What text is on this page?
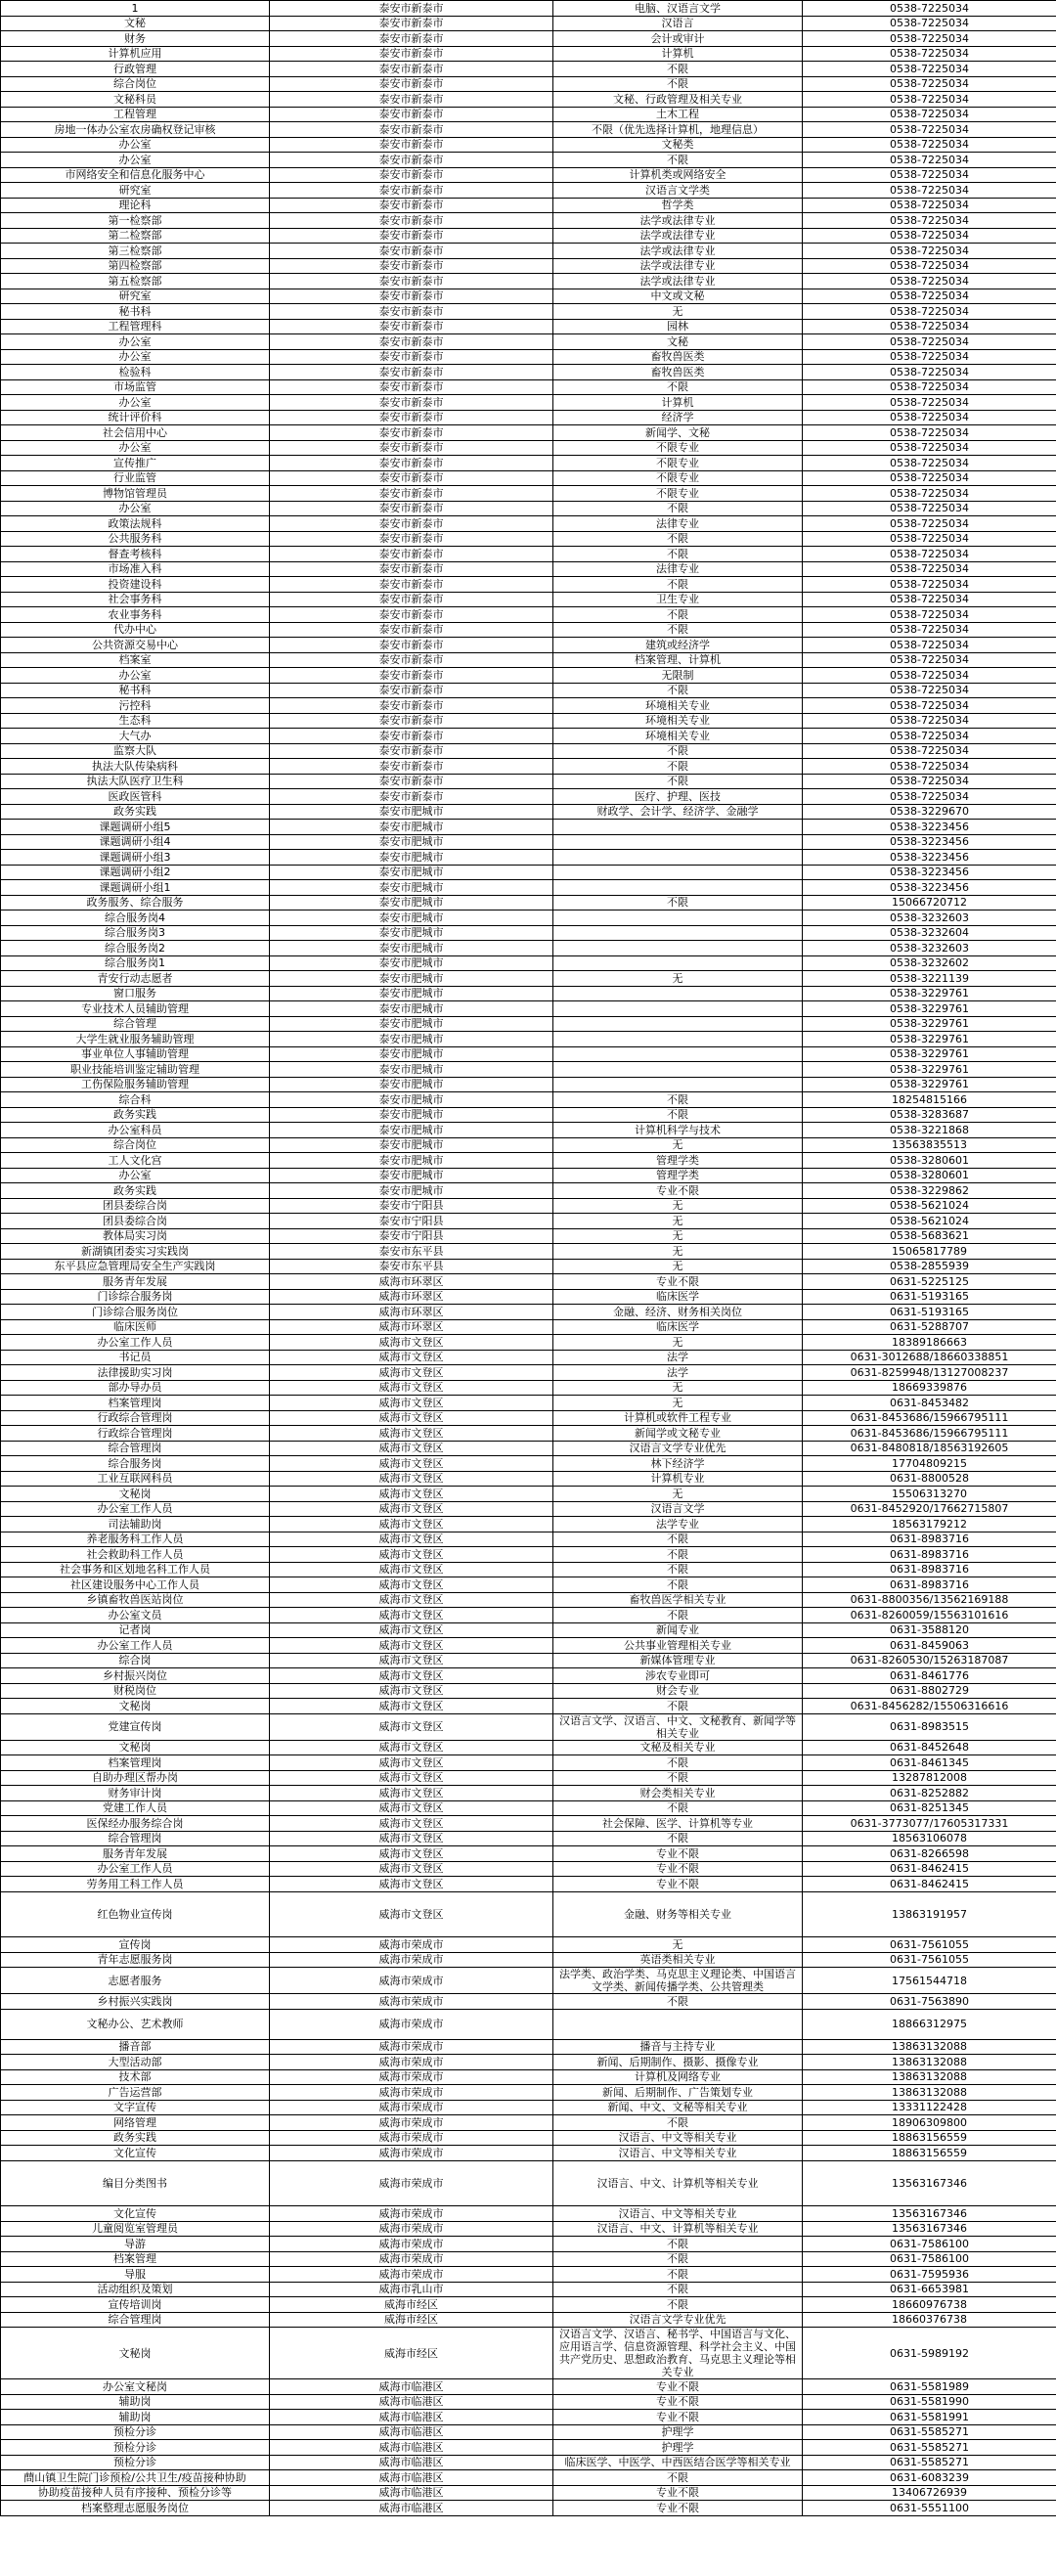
1	泰安市新泰市	电脑、汉语言文学	0538-7225034
文秘	泰安市新泰市	汉语言	0538-7225034
财务	泰安市新泰市	会计或审计	0538-7225034
计算机应用	泰安市新泰市	计算机	0538-7225034
行政管理	泰安市新泰市	不限	0538-7225034
综合岗位	泰安市新泰市	不限	0538-7225034
文秘科员	泰安市新泰市	文秘、行政管理及相关专业	0538-7225034
工程管理	泰安市新泰市	土木工程	0538-7225034
房地一体办公室农房确权登记审核	泰安市新泰市	不限（优先选择计算机，地理信息）	0538-7225034
办公室	泰安市新泰市	文秘类	0538-7225034
办公室	泰安市新泰市	不限	0538-7225034
市网络安全和信息化服务中心	泰安市新泰市	计算机类或网络安全	0538-7225034
研究室	泰安市新泰市	汉语言文学类	0538-7225034
理论科	泰安市新泰市	哲学类	0538-7225034
第一检察部	泰安市新泰市	法学或法律专业	0538-7225034
第二检察部	泰安市新泰市	法学或法律专业	0538-7225034
第三检察部	泰安市新泰市	法学或法律专业	0538-7225034
第四检察部	泰安市新泰市	法学或法律专业	0538-7225034
第五检察部	泰安市新泰市	法学或法律专业	0538-7225034
研究室	泰安市新泰市	中文或文秘	0538-7225034
秘书科	泰安市新泰市	无	0538-7225034
工程管理科	泰安市新泰市	园林	0538-7225034
办公室	泰安市新泰市	文秘	0538-7225034
办公室	泰安市新泰市	畜牧兽医类	0538-7225034
检验科	泰安市新泰市	畜牧兽医类	0538-7225034
市场监管	泰安市新泰市	不限	0538-7225034
办公室	泰安市新泰市	计算机	0538-7225034
统计评价科	泰安市新泰市	经济学	0538-7225034
社会信用中心	泰安市新泰市	新闻学、文秘	0538-7225034
办公室	泰安市新泰市	不限专业	0538-7225034
宣传推广	泰安市新泰市	不限专业	0538-7225034
行业监管	泰安市新泰市	不限专业	0538-7225034
博物馆管理员	泰安市新泰市	不限专业	0538-7225034
办公室	泰安市新泰市	不限	0538-7225034
政策法规科	泰安市新泰市	法律专业	0538-7225034
公共服务科	泰安市新泰市	不限	0538-7225034
督查考核科	泰安市新泰市	不限	0538-7225034
市场准入科	泰安市新泰市	法律专业	0538-7225034
投资建设科	泰安市新泰市	不限	0538-7225034
社会事务科	泰安市新泰市	卫生专业	0538-7225034
农业事务科	泰安市新泰市	不限	0538-7225034
代办中心	泰安市新泰市	不限	0538-7225034
公共资源交易中心	泰安市新泰市	建筑或经济学	0538-7225034
档案室	泰安市新泰市	档案管理、计算机	0538-7225034
办公室	泰安市新泰市	无限制	0538-7225034
秘书科	泰安市新泰市	不限	0538-7225034
污控科	泰安市新泰市	环境相关专业	0538-7225034
生态科	泰安市新泰市	环境相关专业	0538-7225034
大气办	泰安市新泰市	环境相关专业	0538-7225034
监察大队	泰安市新泰市	不限	0538-7225034
执法大队传染病科	泰安市新泰市	不限	0538-7225034
执法大队医疗卫生科	泰安市新泰市	不限	0538-7225034
医政医管科	泰安市新泰市	医疗、护理、医技	0538-7225034
政务实践	泰安市肥城市	财政学、会计学、经济学、金融学	0538-3229670
课题调研小组5	泰安市肥城市		0538-3223456
课题调研小组4	泰安市肥城市		0538-3223456
课题调研小组3	泰安市肥城市		0538-3223456
课题调研小组2	泰安市肥城市		0538-3223456
课题调研小组1	泰安市肥城市		0538-3223456
政务服务、综合服务	泰安市肥城市	不限	15066720712
综合服务岗4	泰安市肥城市		0538-3232603
综合服务岗3	泰安市肥城市		0538-3232604
综合服务岗2	泰安市肥城市		0538-3232603
综合服务岗1	泰安市肥城市		0538-3232602
青安行动志愿者	泰安市肥城市	无	0538-3221139
窗口服务	泰安市肥城市		0538-3229761
专业技术人员辅助管理	泰安市肥城市		0538-3229761
综合管理	泰安市肥城市		0538-3229761
大学生就业服务辅助管理	泰安市肥城市		0538-3229761
事业单位人事辅助管理	泰安市肥城市		0538-3229761
职业技能培训鉴定辅助管理	泰安市肥城市		0538-3229761
工伤保险服务辅助管理	泰安市肥城市		0538-3229761
综合科	泰安市肥城市	不限	18254815166
政务实践	泰安市肥城市	不限	0538-3283687
办公室科员	泰安市肥城市	计算机科学与技术	0538-3221868
综合岗位	泰安市肥城市	无	13563835513
工人文化宫	泰安市肥城市	管理学类	0538-3280601
办公室	泰安市肥城市	管理学类	0538-3280601
政务实践	泰安市肥城市	专业不限	0538-3229862
团县委综合岗	泰安市宁阳县	无	0538-5621024
团县委综合岗	泰安市宁阳县	无	0538-5621024
教体局实习岗	泰安市宁阳县	无	0538-5683621
新湖镇团委实习实践岗	泰安市东平县	无	15065817789
东平县应急管理局安全生产实践岗	泰安市东平县	无	0538-2855939
服务青年发展	威海市环翠区	专业不限	0631-5225125
门诊综合服务岗	威海市环翠区	临床医学	0631-5193165
门诊综合服务岗位	威海市环翠区	金融、经济、财务相关岗位	0631-5193165
临床医师	威海市环翠区	临床医学	0631-5288707
办公室工作人员	威海市文登区	无	18389186663
书记员	威海市文登区	法学	0631-3012688/18660338851
法律援助实习岗	威海市文登区	法学	0631-8259948/13127008237
部办导办员	威海市文登区	无	18669339876
档案管理岗	威海市文登区	无	0631-8453482
行政综合管理岗	威海市文登区	计算机或软件工程专业	0631-8453686/15966795111
行政综合管理岗	威海市文登区	新闻学或文秘专业	0631-8453686/15966795111
综合管理岗	威海市文登区	汉语言文学专业优先	0631-8480818/18563192605
综合服务岗	威海市文登区	林下经济学	17704809215
工业互联网科员	威海市文登区	计算机专业	0631-8800528
文秘岗	威海市文登区	无	15506313270
办公室工作人员	威海市文登区	汉语言文学	0631-8452920/17662715807
司法辅助岗	威海市文登区	法学专业	18563179212
养老服务科工作人员	威海市文登区	不限	0631-8983716
社会救助科工作人员	威海市文登区	不限	0631-8983716
社会事务和区划地名科工作人员	威海市文登区	不限	0631-8983716
社区建设服务中心工作人员	威海市文登区	不限	0631-8983716
乡镇畜牧兽医站岗位	威海市文登区	畜牧兽医学相关专业	0631-8800356/13562169188
办公室文员	威海市文登区	不限	0631-8260059/15563101616
记者岗	威海市文登区	新闻专业	0631-3588120
办公室工作人员	威海市文登区	公共事业管理相关专业	0631-8459063
综合岗	威海市文登区	新媒体管理专业	0631-8260530/15263187087
乡村振兴岗位	威海市文登区	涉农专业即可	0631-8461776
财税岗位	威海市文登区	财会专业	0631-8802729
文秘岗	威海市文登区	不限	0631-8456282/15506316616
党建宣传岗	威海市文登区	汉语言文学、汉语言、中文、文秘教育、新闻学等相关专业	0631-8983515
文秘岗	威海市文登区	文秘及相关专业	0631-8452648
档案管理岗	威海市文登区	不限	0631-8461345
自助办理区帮办岗	威海市文登区	不限	13287812008
财务审计岗	威海市文登区	财会类相关专业	0631-8252882
党建工作人员	威海市文登区	不限	0631-8251345
医保经办服务综合岗	威海市文登区	社会保障、医学、计算机等专业	0631-3773077/17605317331
综合管理岗	威海市文登区	不限	18563106078
服务青年发展	威海市文登区	专业不限	0631-8266598
办公室工作人员	威海市文登区	专业不限	0631-8462415
劳务用工科工作人员	威海市文登区	专业不限	0631-8462415
红色物业宣传岗	威海市文登区	金融、财务等相关专业	13863191957
宣传岗	威海市荣成市	无	0631-7561055
青年志愿服务岗	威海市荣成市	英语类相关专业	0631-7561055
志愿者服务	威海市荣成市	法学类、政治学类、马克思主义理论类、中国语言文学类、新闻传播学类、公共管理类	17561544718
乡村振兴实践岗	威海市荣成市	不限	0631-7563890
文秘办公、艺术教师	威海市荣成市		18866312975
播音部	威海市荣成市	播音与主持专业	13863132088
大型活动部	威海市荣成市	新闻、后期制作、摄影、摄像专业	13863132088
技术部	威海市荣成市	计算机及网络专业	13863132088
广告运营部	威海市荣成市	新闻、后期制作、广告策划专业	13863132088
文字宣传	威海市荣成市	新闻、中文、文秘等相关专业	13331122428
网络管理	威海市荣成市	不限	18906309800
政务实践	威海市荣成市	汉语言、中文等相关专业	18863156559
文化宣传	威海市荣成市	汉语言、中文等相关专业	18863156559
编目分类图书	威海市荣成市	汉语言、中文、计算机等相关专业	13563167346
文化宣传	威海市荣成市	汉语言、中文等相关专业	13563167346
儿童阅览室管理员	威海市荣成市	汉语言、中文、计算机等相关专业	13563167346
导游	威海市荣成市	不限	0631-7586100
档案管理	威海市荣成市	不限	0631-7586100
导服	威海市荣成市	不限	0631-7595936
活动组织及策划	威海市乳山市	不限	0631-6653981
宣传培训岗	威海市经区	不限	18660976738
综合管理岗	威海市经区	汉语言文学专业优先	18660376738
文秘岗	威海市经区	汉语言文学、汉语言、秘书学、中国语言与文化、应用语言学、信息资源管理、科学社会主义、中国共产党历史、思想政治教育、马克思主义理论等相关专业	0631-5989192
办公室文秘岗	威海市临港区	专业不限	0631-5581989
辅助岗	威海市临港区	专业不限	0631-5581990
辅助岗	威海市临港区	专业不限	0631-5581991
预检分诊	威海市临港区	护理学	0631-5585271
预检分诊	威海市临港区	护理学	0631-5585271
预检分诊	威海市临港区	临床医学、中医学、中西医结合医学等相关专业	0631-5585271
蔄山镇卫生院门诊预检/公共卫生/疫苗接种协助	威海市临港区	不限	0631-6083239
协助疫苗接种人员有序接种、预检分诊等	威海市临港区	专业不限	13406726939
档案整理志愿服务岗位	威海市临港区	专业不限	0631-5551100
